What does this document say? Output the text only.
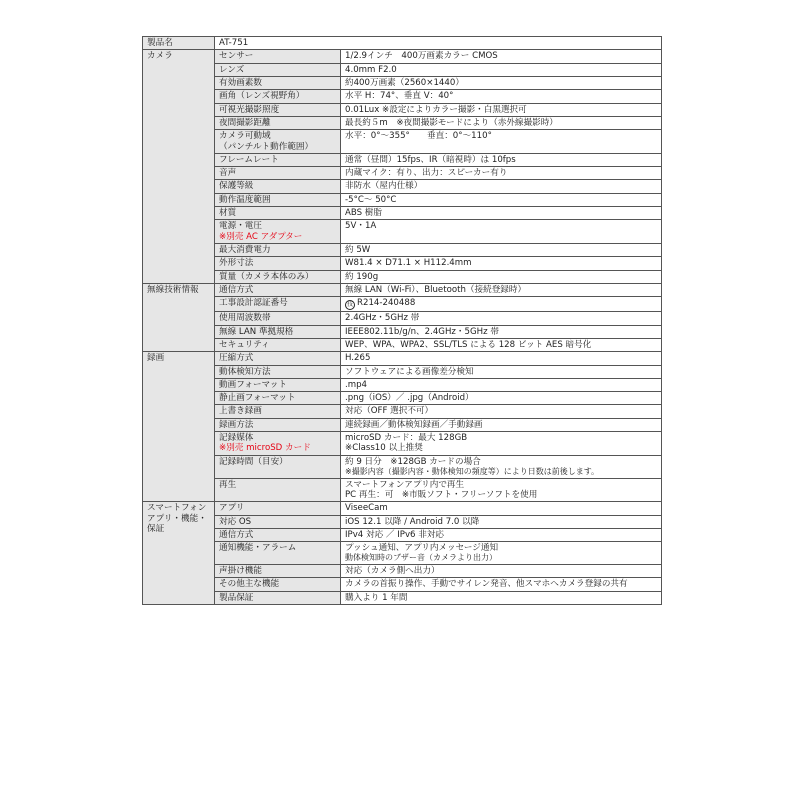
製品名	AT-751	
カメラ	センサー	1/2.9インチ　400万画素カラー CMOS

	レンズ	4.0mm F2.0

	有効画素数	約400万画素（2560×1440）

	画角（レンズ視野角）	水平 H：74°、垂直 V：40°

	可視光撮影照度	0.01Lux ※設定によりカラー撮影・白黒選択可

	夜間撮影距離	最長約５m　※夜間撮影モードにより（赤外線撮影時）

	カメラ可動域
（パンチルト動作範囲）	水平：0°～355°　　垂直：0°～110°

	フレームレート	通常（昼間）15fps、IR（暗視時）は 10fps

	音声	内蔵マイク：有り、出力：スピーカー有り

	保護等級	非防水（屋内仕様）

	動作温度範囲	-5°C～ 50°C

	材質	ABS 樹脂

	電源・電圧
※別売 AC アダプター	5V・1A

	最大消費電力	約 5W

	外形寸法	W81.4 × D71.1 × H112.4mm

	質量（カメラ本体のみ）	約 190g

無線技術情報	通信方式	無線 LAN（Wi-Fi）、Bluetooth（接続登録時）

	工事設計認証番号	技 R214-240488

	使用周波数帯	2.4GHz・5GHz 帯

	無線 LAN 準拠規格	IEEE802.11b/g/n、2.4GHz・5GHz 帯

	セキュリティ	WEP、WPA、WPA2、SSL/TLS による 128 ビット AES 暗号化

録画	圧縮方式	H.265

	動体検知方法	ソフトウェアによる画像差分検知

	動画フォーマット	.mp4

	静止画フォーマット	.png（iOS）／ .jpg（Android）

	上書き録画	対応（OFF 選択不可）

	録画方法	連続録画／動体検知録画／手動録画

	記録媒体
※別売 microSD カード	microSD カード：最大 128GB
※Class10 以上推奨

	記録時間（目安）	約 9 日分　※128GB カードの場合
※撮影内容（撮影内容・動体検知の頻度等）により日数は前後します。

	再生	スマートフォンアプリ内で再生
PC 再生：可　※市販ソフト・フリーソフトを使用

スマートフォン アプリ・機能・保証	アプリ	ViseeCam

	対応 OS	iOS 12.1 以降 / Android 7.0 以降

	通信方式	IPv4 対応 ／ IPv6 非対応

	通知機能・アラーム	プッシュ通知、アプリ内メッセージ通知
動体検知時のブザー音（カメラより出力）

	声掛け機能	対応（カメラ側へ出力）

	その他主な機能	カメラの首振り操作、手動でサイレン発音、他スマホへカメラ登録の共有

	製品保証	購入より 1 年間
